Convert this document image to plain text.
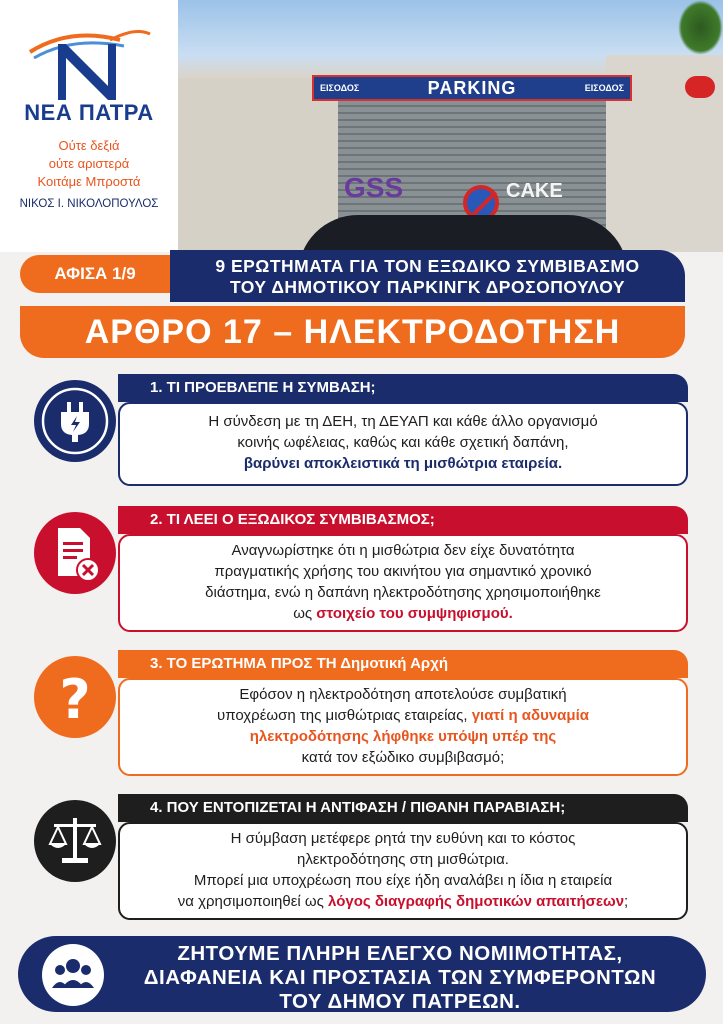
ΝΕΑ ΠΑΤΡΑ
Ούτε δεξιά
ούτε αριστερά
Κοιτάμε Μπροστά
ΝΙΚΟΣ Ι. ΝΙΚΟΛΟΠΟΥΛΟΣ
GSS	CAKE
ΕΙΣΟΔΟΣ	PARKING	ΕΙΣΟΔΟΣ
9 ΕΡΩΤΗΜΑΤΑ ΓΙΑ ΤΟΝ ΕΞΩΔΙΚΟ ΣΥΜΒΙΒΑΣΜΟ
ΤΟΥ ΔΗΜΟΤΙΚΟΥ ΠΑΡΚΙΝΓΚ ΔΡΟΣΟΠΟΥΛΟΥ
ΑΦΙΣΑ 1/9
ΑΡΘΡΟ 17 – ΗΛΕΚΤΡΟΔΟΤΗΣΗ
1. ΤΙ ΠΡΟΕΒΛΕΠΕ Η ΣΥΜΒΑΣΗ;
Η σύνδεση με τη ΔΕΗ, τη ΔΕΥΑΠ και κάθε άλλο οργανισμό
κοινής ωφέλειας, καθώς και κάθε σχετική δαπάνη,
βαρύνει αποκλειστικά τη μισθώτρια εταιρεία.
2. ΤΙ ΛΕΕΙ Ο ΕΞΩΔΙΚΟΣ ΣΥΜΒΙΒΑΣΜΟΣ;
Αναγνωρίστηκε ότι η μισθώτρια δεν είχε δυνατότητα
πραγματικής χρήσης του ακινήτου για σημαντικό χρονικό
διάστημα, ενώ η δαπάνη ηλεκτροδότησης χρησιμοποιήθηκε
ως στοιχείο του συμψηφισμού.
3. ΤΟ ΕΡΩΤΗΜΑ ΠΡΟΣ ΤΗ Δημοτική Αρχή
Εφόσον η ηλεκτροδότηση αποτελούσε συμβατική
υποχρέωση της μισθώτριας εταιρείας, γιατί η αδυναμία
ηλεκτροδότησης λήφθηκε υπόψη υπέρ της
κατά τον εξώδικο συμβιβασμό;
?
4. ΠΟΥ ΕΝΤΟΠΙΖΕΤΑΙ Η ΑΝΤΙΦΑΣΗ / ΠΙΘΑΝΗ ΠΑΡΑΒΙΑΣΗ;
Η σύμβαση μετέφερε ρητά την ευθύνη και το κόστος
ηλεκτροδότησης στη μισθώτρια.
Μπορεί μια υποχρέωση που είχε ήδη αναλάβει η ίδια η εταιρεία
να χρησιμοποιηθεί ως λόγος διαγραφής δημοτικών απαιτήσεων;
ΖΗΤΟΥΜΕ ΠΛΗΡΗ ΕΛΕΓΧΟ ΝΟΜΙΜΟΤΗΤΑΣ,
ΔΙΑΦΑΝΕΙΑ ΚΑΙ ΠΡΟΣΤΑΣΙΑ ΤΩΝ ΣΥΜΦΕΡΟΝΤΩΝ
ΤΟΥ ΔΗΜΟΥ ΠΑΤΡΕΩΝ.
